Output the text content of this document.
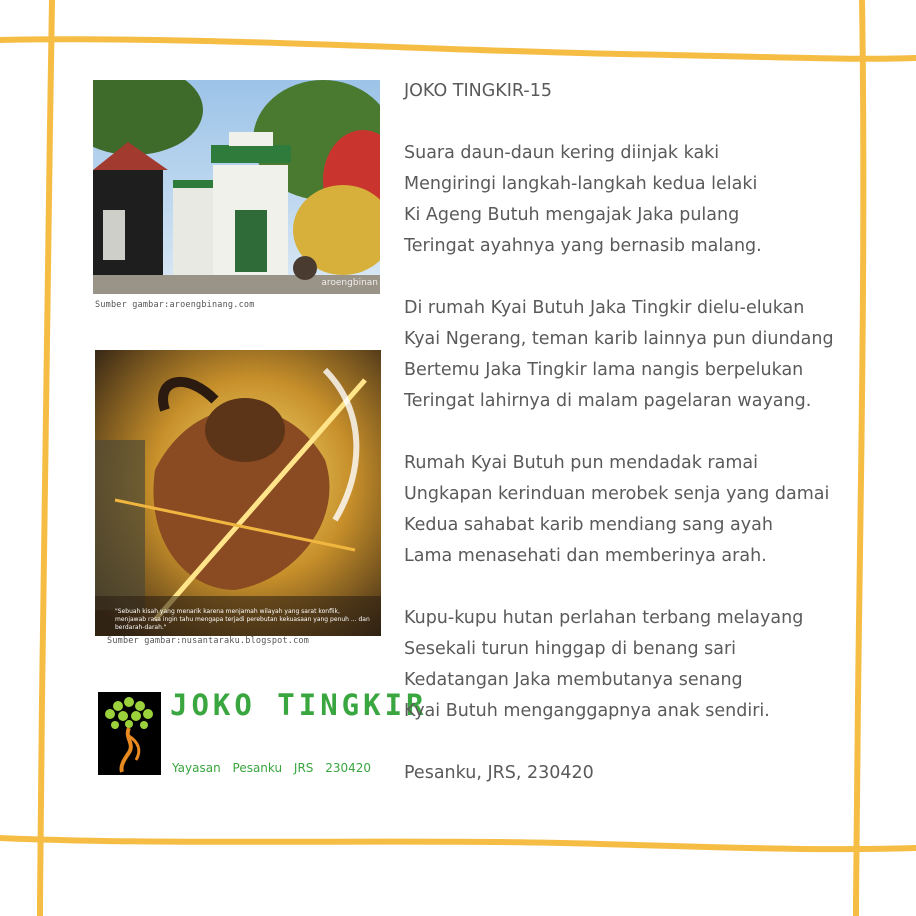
aroengbinan
Sumber gambar:aroengbinang.com
"Sebuah kisah yang menarik karena menjamah wilayah yang sarat konflik, menjawab rasa ingin tahu mengapa terjadi perebutan kekuasaan yang penuh ... dan berdarah-darah."
Sumber gambar:nusantaraku.blogspot.com
JOKO TINGKIR
Yayasan Pesanku JRS 230420
JOKO TINGKIR-15
Suara daun-daun kering diinjak kaki
Mengiringi langkah-langkah kedua lelaki
Ki Ageng Butuh mengajak Jaka pulang
Teringat ayahnya yang bernasib malang.
Di rumah Kyai Butuh Jaka Tingkir dielu-elukan
Kyai Ngerang, teman karib lainnya pun diundang
Bertemu Jaka Tingkir lama nangis berpelukan
Teringat lahirnya di malam pagelaran wayang.
Rumah Kyai Butuh pun mendadak ramai
Ungkapan kerinduan merobek senja yang damai
Kedua sahabat karib mendiang sang ayah
Lama menasehati dan memberinya arah.
Kupu-kupu hutan perlahan terbang melayang
Sesekali turun hinggap di benang sari
Kedatangan Jaka membutanya senang
Kyai Butuh menganggapnya anak sendiri.
Pesanku, JRS, 230420
